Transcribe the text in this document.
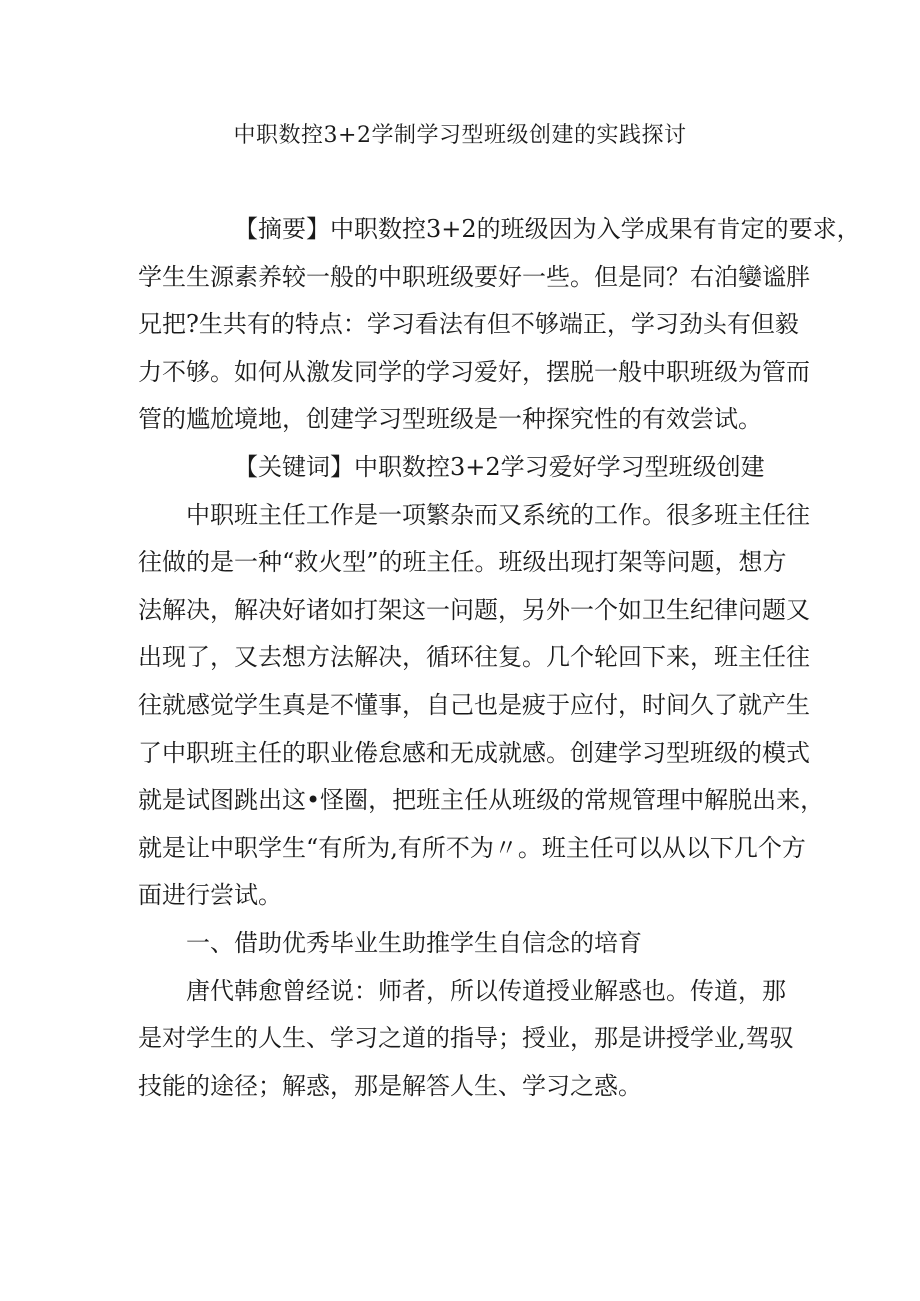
中职数控3+2学制学习型班级创建的实践探讨

【摘要】中职数控3+2的班级因为入学成果有肯定的要求，
学生生源素养较一般的中职班级要好一些。但是同？右泊孌谧胖
兄把?生共有的特点：学习看法有但不够端正，学习劲头有但毅
力不够。如何从激发同学的学习爱好，摆脱一般中职班级为管而
管的尴尬境地，创建学习型班级是一种探究性的有效尝试。

【关键词】中职数控3+2学习爱好学习型班级创建

中职班主任工作是一项繁杂而又系统的工作。很多班主任往
往做的是一种“救火型”的班主任。班级出现打架等问题，想方
法解决，解决好诸如打架这一问题，另外一个如卫生纪律问题又
出现了，又去想方法解决，循环往复。几个轮回下来，班主任往
往就感觉学生真是不懂事，自己也是疲于应付，时间久了就产生
了中职班主任的职业倦怠感和无成就感。创建学习型班级的模式
就是试图跳出这•怪圈，把班主任从班级的常规管理中解脱出来，
就是让中职学生“有所为,有所不为〃。班主任可以从以下几个方
面进行尝试。

一、借助优秀毕业生助推学生自信念的培育

唐代韩愈曾经说：师者，所以传道授业解惑也。传道，那
是对学生的人生、学习之道的指导；授业，那是讲授学业,驾驭
技能的途径；解惑，那是解答人生、学习之惑。
